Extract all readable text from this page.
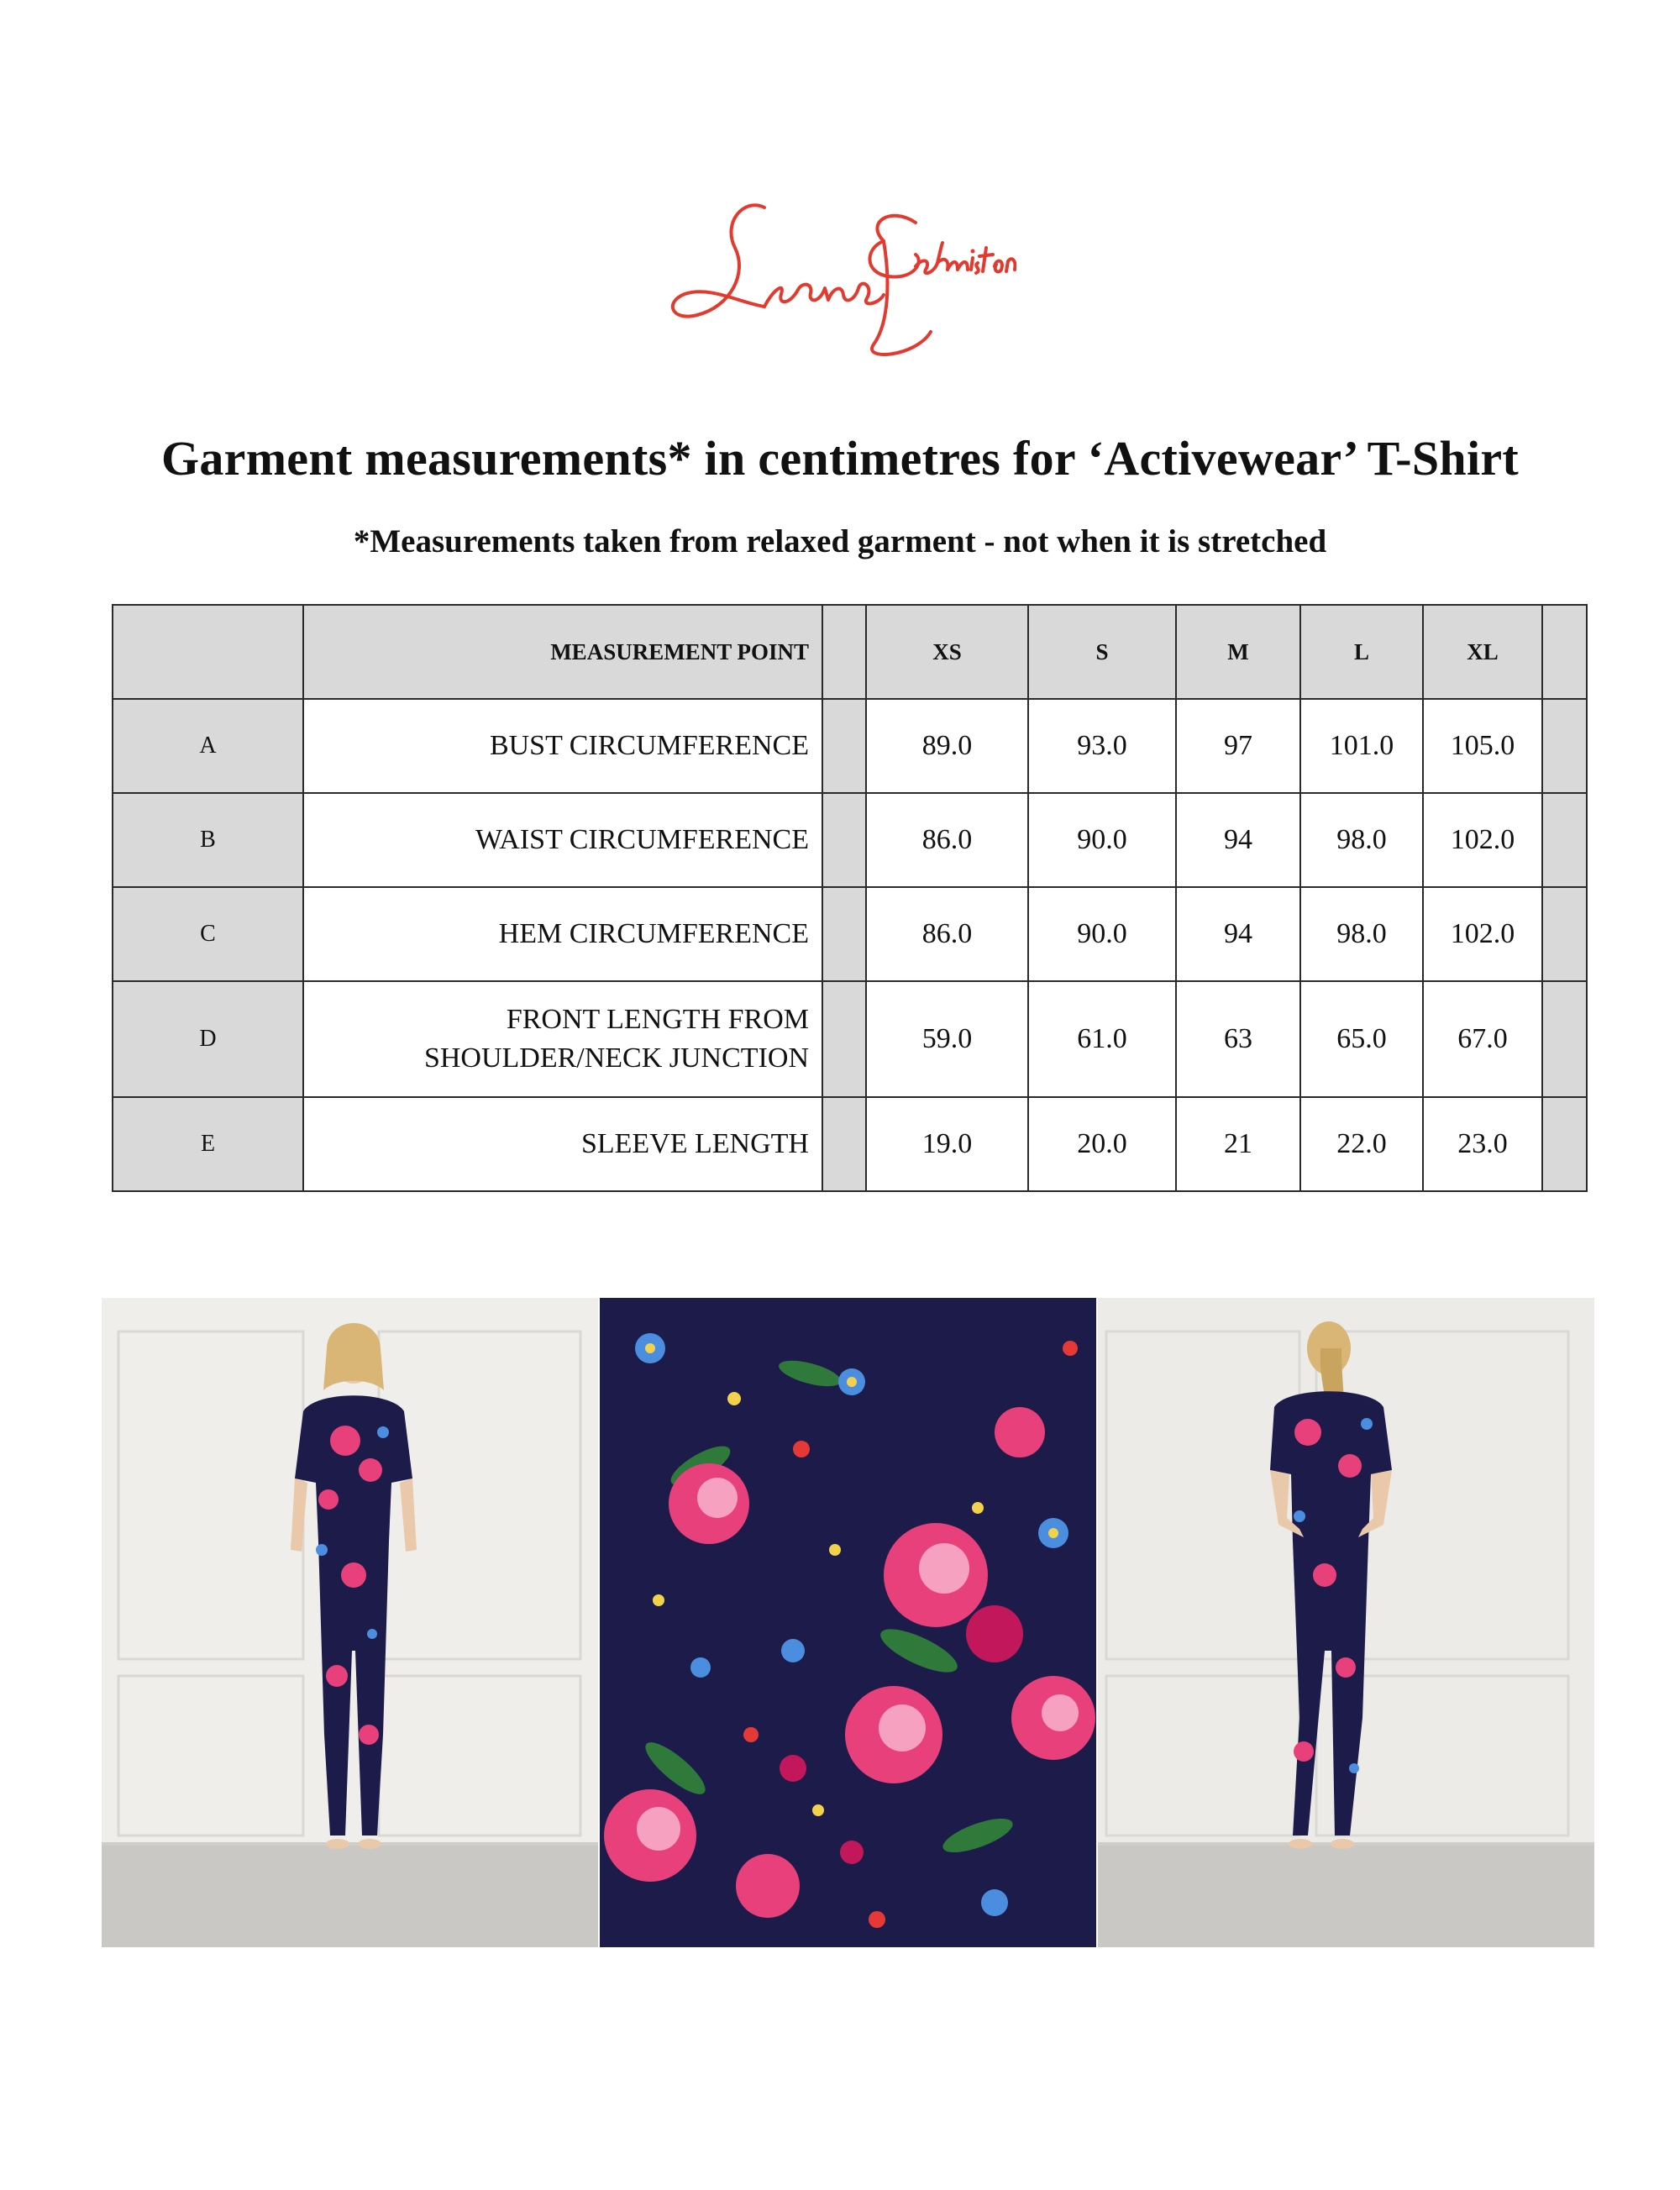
Garment measurements* in centimetres for ‘Activewear’ T-Shirt
*Measurements taken from relaxed garment - not when it is stretched
	MEASUREMENT POINT		XS	S	M	L	XL	
A	BUST CIRCUMFERENCE		89.0	93.0	97	101.0	105.0	
B	WAIST CIRCUMFERENCE		86.0	90.0	94	98.0	102.0	
C	HEM CIRCUMFERENCE		86.0	90.0	94	98.0	102.0	
D	FRONT LENGTH FROM
SHOULDER/NECK JUNCTION		59.0	61.0	63	65.0	67.0	
E	SLEEVE LENGTH		19.0	20.0	21	22.0	23.0	
